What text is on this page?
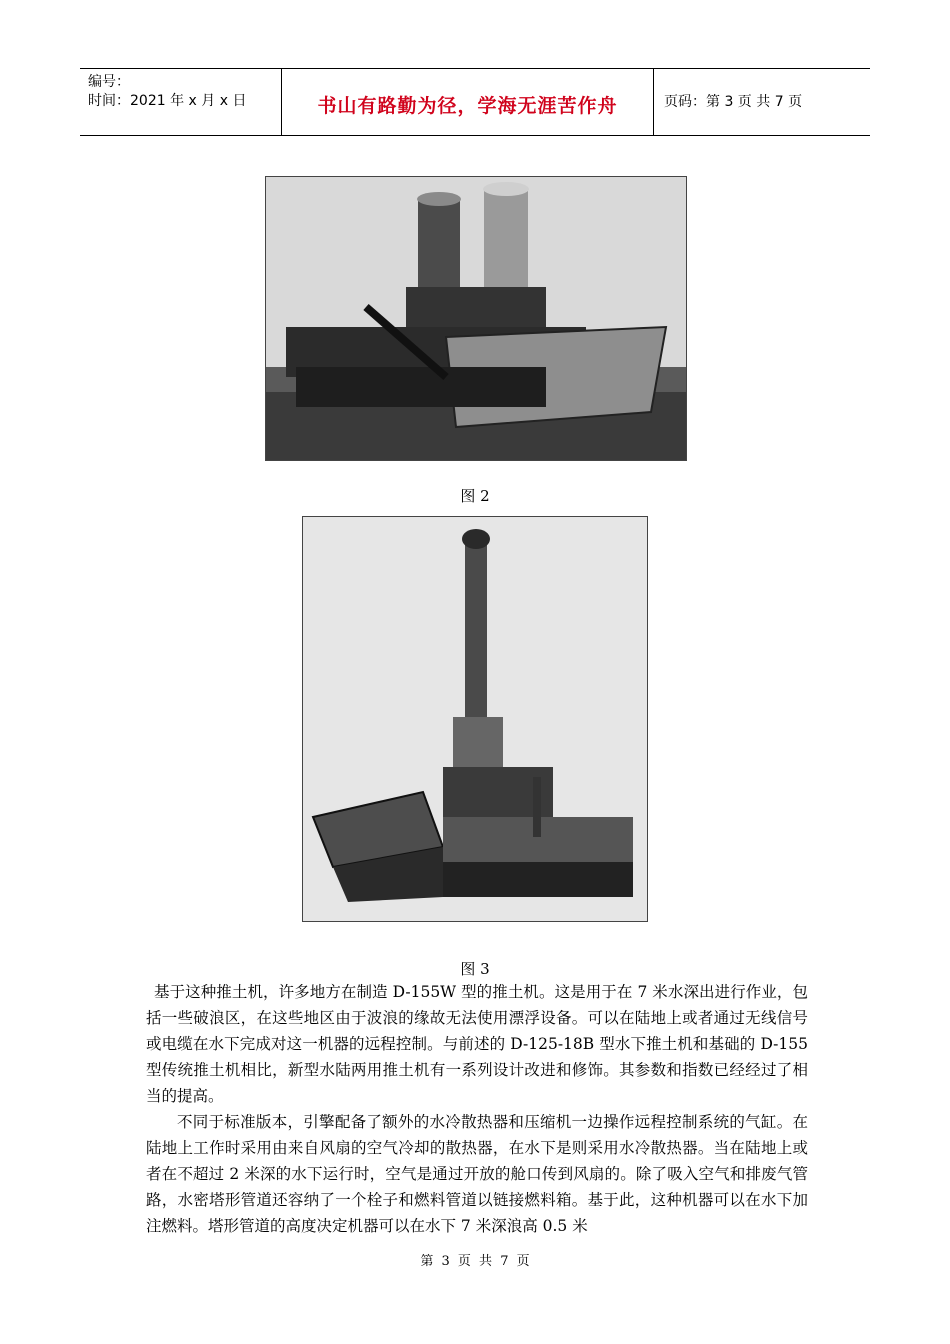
编号：
时间：2021 年 x 月 x 日	书山有路勤为径，学海无涯苦作舟	页码：第 3 页 共 7 页
图 2
图 3

基于这种推土机，许多地方在制造 D-155W 型的推土机。这是用于在 7 米水深出进行作业，包括一些破浪区，在这些地区由于波浪的缘故无法使用漂浮设备。可以在陆地上或者通过无线信号或电缆在水下完成对这一机器的远程控制。与前述的 D-125-18B 型水下推土机和基础的 D-155 型传统推土机相比，新型水陆两用推土机有一系列设计改进和修饰。其参数和指数已经经过了相当的提高。

不同于标准版本，引擎配备了额外的水冷散热器和压缩机一边操作远程控制系统的气缸。在陆地上工作时采用由来自风扇的空气冷却的散热器，在水下是则采用水冷散热器。当在陆地上或者在不超过 2 米深的水下运行时，空气是通过开放的舱口传到风扇的。除了吸入空气和排废气管路，水密塔形管道还容纳了一个栓子和燃料管道以链接燃料箱。基于此，这种机器可以在水下加注燃料。塔形管道的高度决定机器可以在水下 7 米深浪高 0.5 米

第 3 页 共 7 页
